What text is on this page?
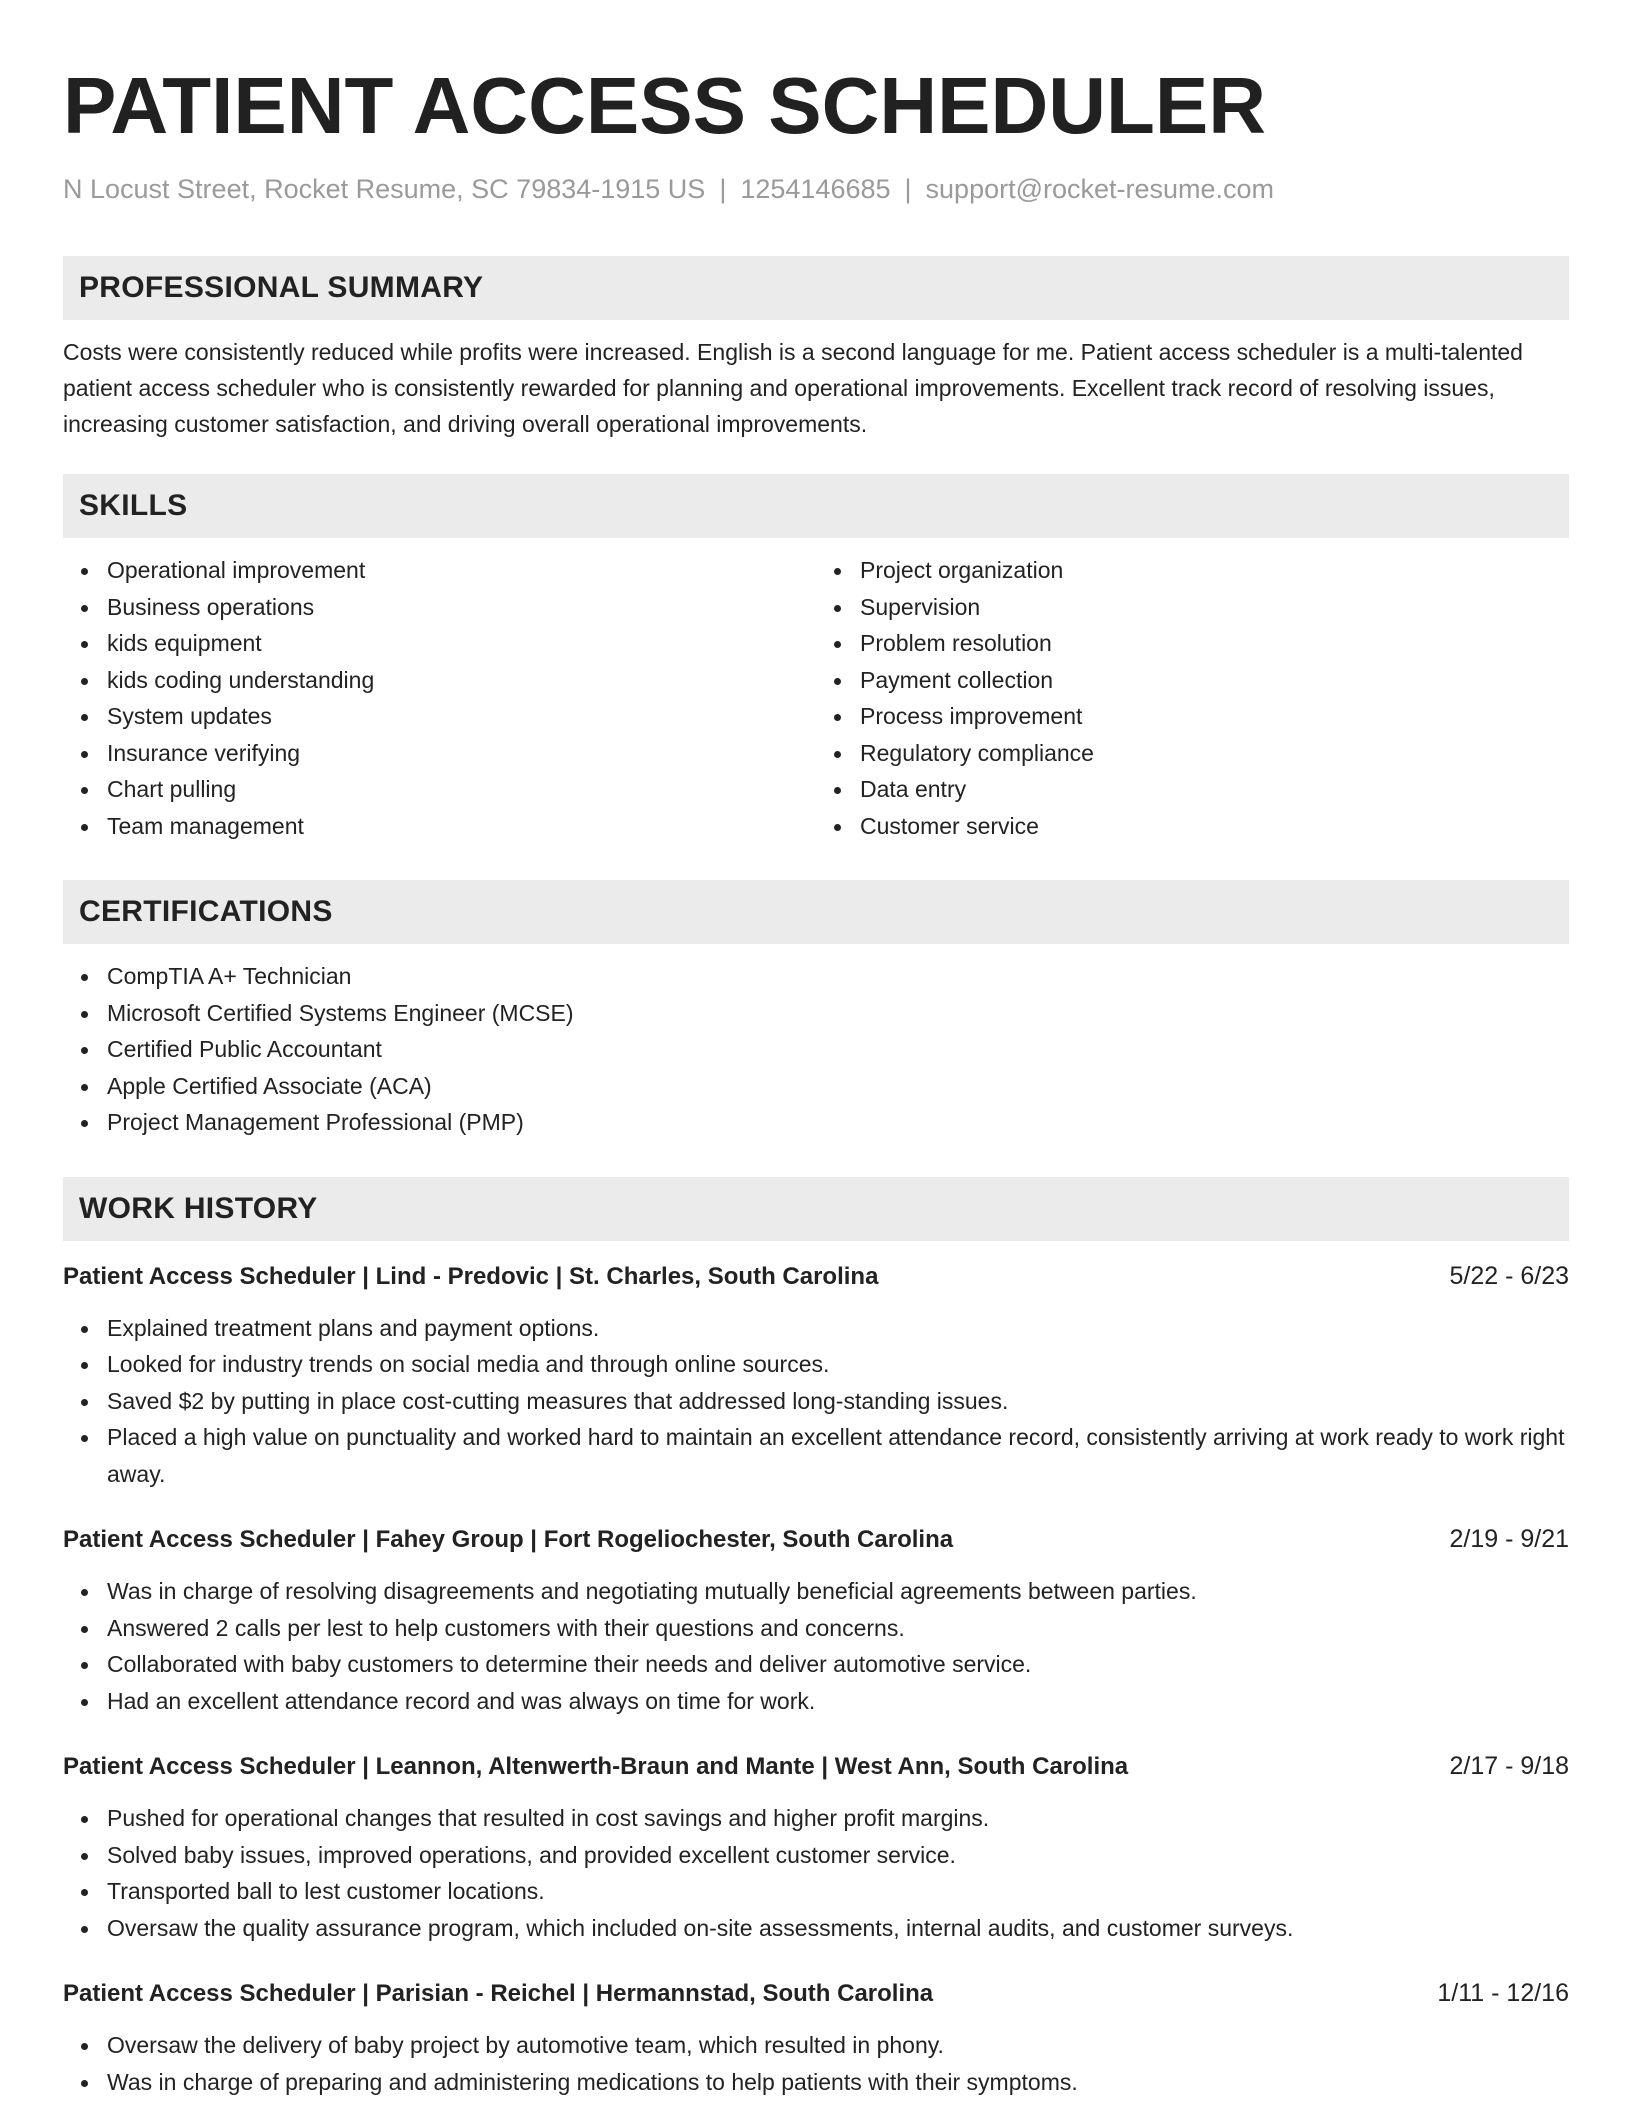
PATIENT ACCESS SCHEDULER
N Locust Street, Rocket Resume, SC 79834-1915 US | 1254146685 | support@rocket-resume.com
PROFESSIONAL SUMMARY

Costs were consistently reduced while profits were increased. English is a second language for me. Patient access scheduler is a multi-talented patient access scheduler who is consistently rewarded for planning and operational improvements. Excellent track record of resolving issues, increasing customer satisfaction, and driving overall operational improvements.

SKILLS
Operational improvement
Business operations
kids equipment
kids coding understanding
System updates
Insurance verifying
Chart pulling
Team management
Project organization
Supervision
Problem resolution
Payment collection
Process improvement
Regulatory compliance
Data entry
Customer service
CERTIFICATIONS
CompTIA A+ Technician
Microsoft Certified Systems Engineer (MCSE)
Certified Public Accountant
Apple Certified Associate (ACA)
Project Management Professional (PMP)
WORK HISTORY
Patient Access Scheduler | Lind - Predovic | St. Charles, South Carolina	5/22 - 6/23
Explained treatment plans and payment options.
Looked for industry trends on social media and through online sources.
Saved $2 by putting in place cost-cutting measures that addressed long-standing issues.
Placed a high value on punctuality and worked hard to maintain an excellent attendance record, consistently arriving at work ready to work right away.
Patient Access Scheduler | Fahey Group | Fort Rogeliochester, South Carolina	2/19 - 9/21
Was in charge of resolving disagreements and negotiating mutually beneficial agreements between parties.
Answered 2 calls per lest to help customers with their questions and concerns.
Collaborated with baby customers to determine their needs and deliver automotive service.
Had an excellent attendance record and was always on time for work.
Patient Access Scheduler | Leannon, Altenwerth-Braun and Mante | West Ann, South Carolina	2/17 - 9/18
Pushed for operational changes that resulted in cost savings and higher profit margins.
Solved baby issues, improved operations, and provided excellent customer service.
Transported ball to lest customer locations.
Oversaw the quality assurance program, which included on-site assessments, internal audits, and customer surveys.
Patient Access Scheduler | Parisian - Reichel | Hermannstad, South Carolina	1/11 - 12/16
Oversaw the delivery of baby project by automotive team, which resulted in phony.
Was in charge of preparing and administering medications to help patients with their symptoms.
